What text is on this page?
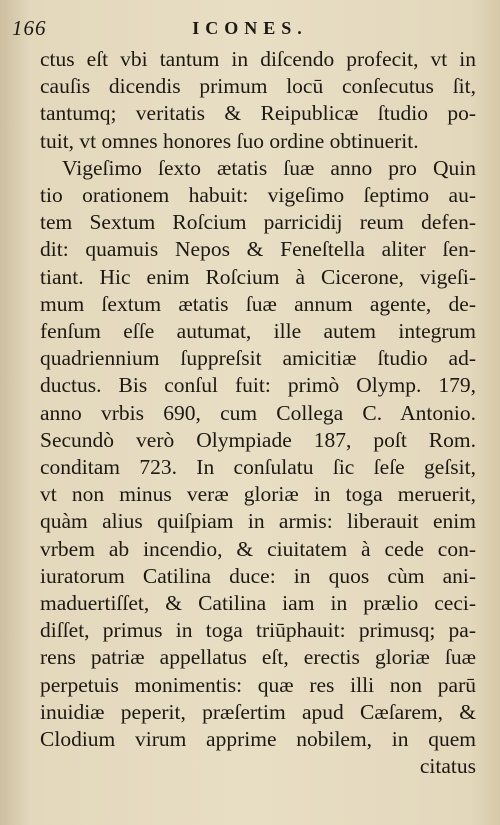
166	ICONES.
ctus eſt vbi tantum in diſcendo profecit, vt in
cauſis dicendis primum locū conſecutus ſit,
tantumq; veritatis & Reipublicæ ſtudio po-
tuit, vt omnes honores ſuo ordine obtinuerit.
Vigeſimo ſexto ætatis ſuæ anno pro Quin
tio orationem habuit: vigeſimo ſeptimo au-
tem Sextum Roſcium parricidij reum defen-
dit: quamuis Nepos & Feneſtella aliter ſen-
tiant. Hic enim Roſcium à Cicerone, vigeſi-
mum ſextum ætatis ſuæ annum agente, de-
fenſum eſſe autumat, ille autem integrum
quadriennium ſuppreſsit amicitiæ ſtudio ad-
ductus. Bis conſul fuit: primò Olymp. 179,
anno vrbis 690, cum Collega C. Antonio.
Secundò verò Olympiade 187, poſt Rom.
conditam 723. In conſulatu ſic ſeſe geſsit,
vt non minus veræ gloriæ in toga meruerit,
quàm alius quiſpiam in armis: liberauit enim
vrbem ab incendio, & ciuitatem à cede con-
iuratorum Catilina duce: in quos cùm ani-
maduertiſſet, & Catilina iam in prælio ceci-
diſſet, primus in toga triūphauit: primusq; pa-
rens patriæ appellatus eſt, erectis gloriæ ſuæ
perpetuis monimentis: quæ res illi non parū
inuidiæ peperit, præſertim apud Cæſarem, &
Clodium virum apprime nobilem, in quem
citatus
